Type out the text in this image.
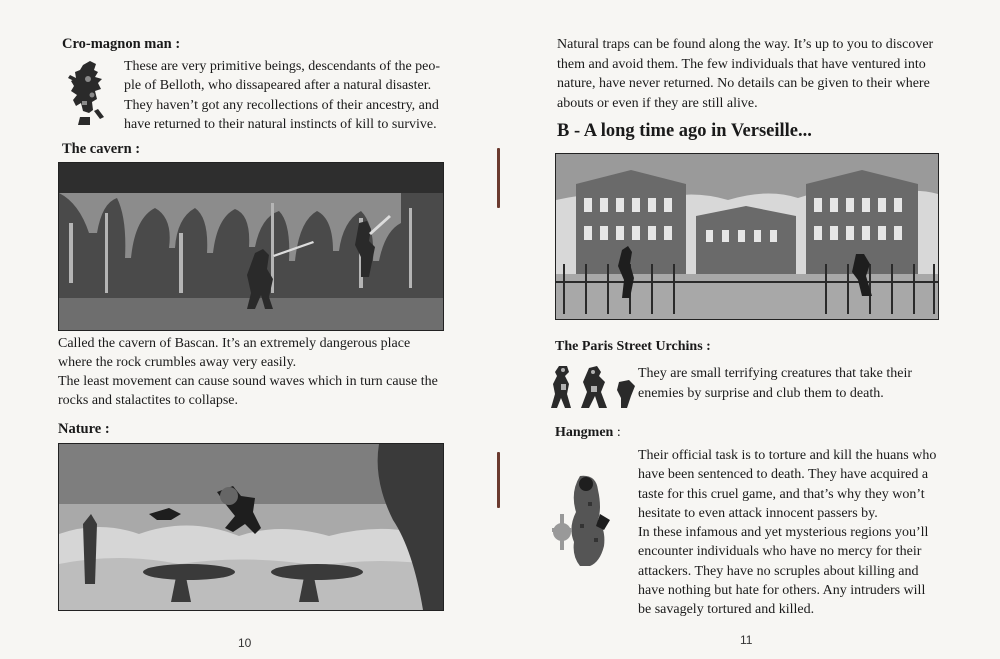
Cro-magnon man :
These are very primitive beings, descendants of the peo-
ple of Belloth, who dissapeared after a natural disaster.
They haven’t got any recollections of their ancestry, and
have returned to their natural instincts of kill to survive.
The cavern :
Called the cavern of Bascan. It’s an extremely dangerous place
where the rock crumbles away very easily.
The least movement can cause sound waves which in turn cause the
rocks and stalactites to collapse.
Nature :
10
Natural traps can be found along the way. It’s up to you to discover
them and avoid them. The few individuals that have ventured into
nature, have never returned. No details can be given to their where
abouts or even if they are still alive.
B - A long time ago in Verseille...
The Paris Street Urchins :
They are small terrifying creatures that take their
enemies by surprise and club them to death.
Hangmen :
Their official task is to torture and kill the huans who
have been sentenced to death. They have acquired a
taste for this cruel game, and that’s why they won’t
hesitate to even attack innocent passers by.
In these infamous and yet mysterious regions you’ll
encounter individuals who have no mercy for their
attackers. They have no scruples about killing and
have nothing but hate for others. Any intruders will
be savagely tortured and killed.
11
